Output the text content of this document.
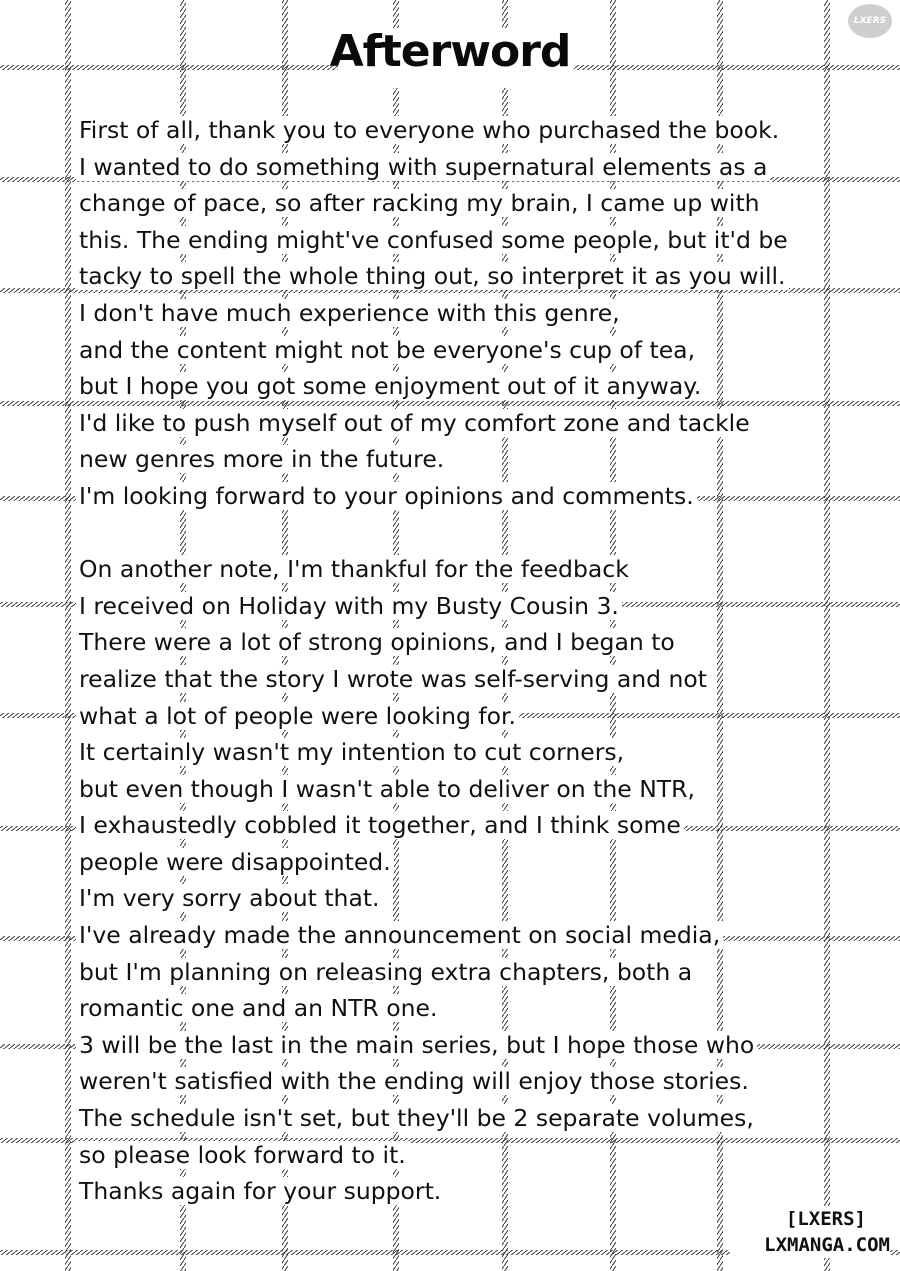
Afterword
LXERS
First of all, thank you to everyone who purchased the book.
I wanted to do something with supernatural elements as a
change of pace, so after racking my brain, I came up with
this. The ending might've confused some people, but it'd be
tacky to spell the whole thing out, so interpret it as you will.
I don't have much experience with this genre,
and the content might not be everyone's cup of tea,
but I hope you got some enjoyment out of it anyway.
I'd like to push myself out of my comfort zone and tackle
new genres more in the future.
I'm looking forward to your opinions and comments.
On another note, I'm thankful for the feedback
I received on Holiday with my Busty Cousin 3.
There were a lot of strong opinions, and I began to
realize that the story I wrote was self-serving and not
what a lot of people were looking for.
It certainly wasn't my intention to cut corners,
but even though I wasn't able to deliver on the NTR,
I exhaustedly cobbled it together, and I think some
people were disappointed.
I'm very sorry about that.
I've already made the announcement on social media,
but I'm planning on releasing extra chapters, both a
romantic one and an NTR one.
3 will be the last in the main series, but I hope those who
weren't satisfied with the ending will enjoy those stories.
The schedule isn't set, but they'll be 2 separate volumes,
so please look forward to it.
Thanks again for your support.
[LXERS]
LXMANGA.COM
